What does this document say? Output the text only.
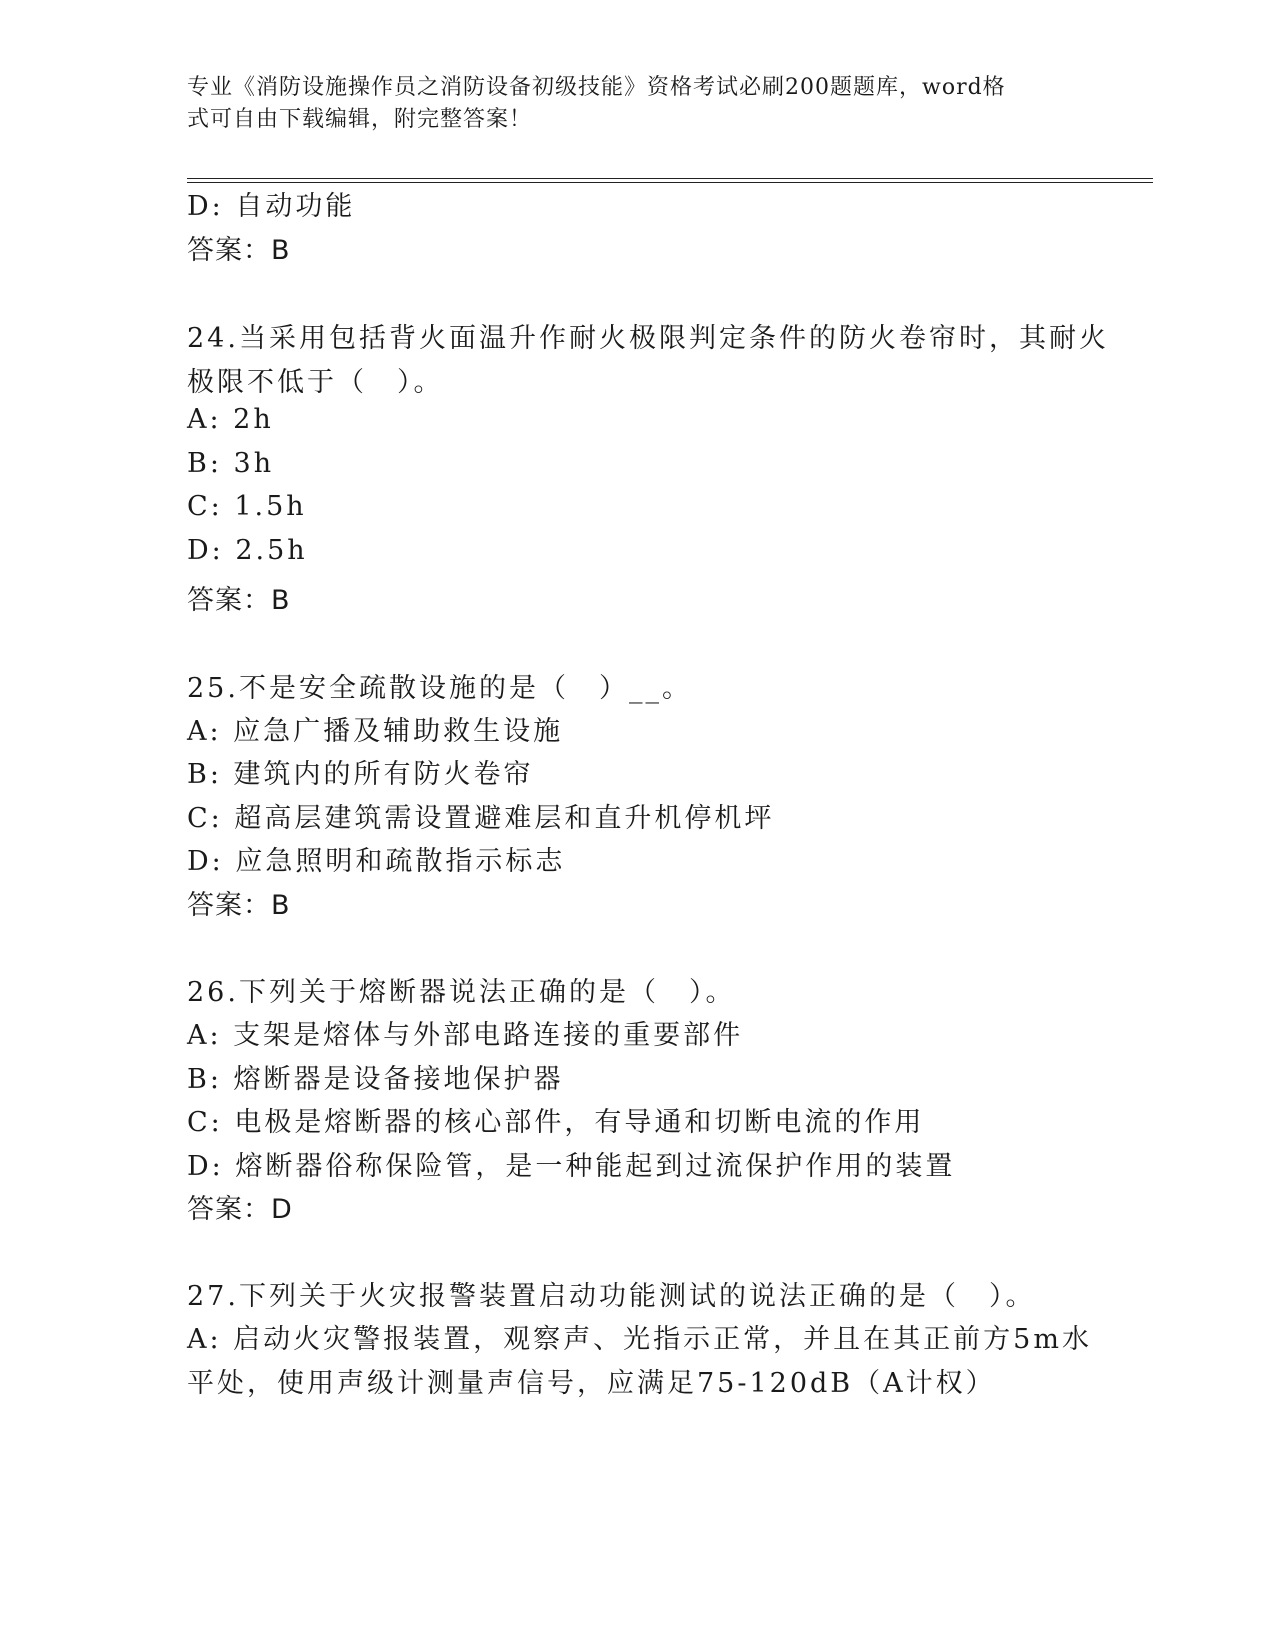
专业《消防设施操作员之消防设备初级技能》资格考试必刷200题题库，word格
式可自由下载编辑，附完整答案！
D: 自动功能
答案：B
24.当采用包括背火面温升作耐火极限判定条件的防火卷帘时，其耐火
极限不低于（　）。
A: 2h
B: 3h
C: 1.5h
D: 2.5h
答案：B
25.不是安全疏散设施的是（　）__。
A: 应急广播及辅助救生设施
B: 建筑内的所有防火卷帘
C: 超高层建筑需设置避难层和直升机停机坪
D: 应急照明和疏散指示标志
答案：B
26.下列关于熔断器说法正确的是（　）。
A: 支架是熔体与外部电路连接的重要部件
B: 熔断器是设备接地保护器
C: 电极是熔断器的核心部件，有导通和切断电流的作用
D: 熔断器俗称保险管，是一种能起到过流保护作用的装置
答案：D
27.下列关于火灾报警装置启动功能测试的说法正确的是（　）。
A: 启动火灾警报装置，观察声、光指示正常，并且在其正前方5m水
平处，使用声级计测量声信号，应满足75-120dB（A计权）
